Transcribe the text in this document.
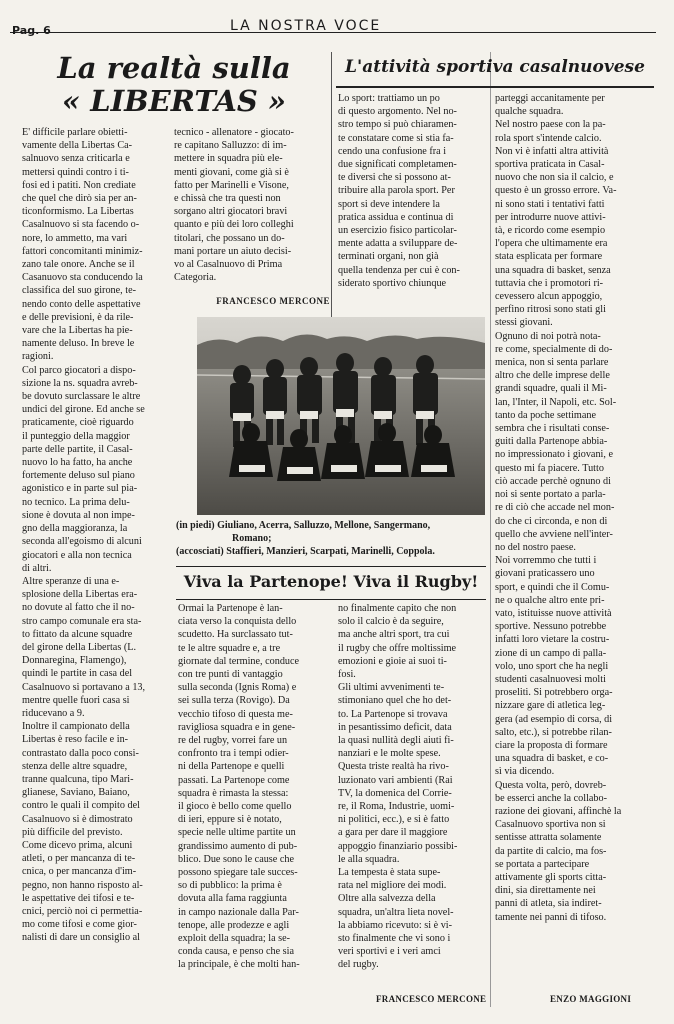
Pag. 6	LA NOSTRA VOCE
La realtà sulla
« LIBERTAS »
L'attività sportiva casalnuovese
E' difficile parlare obietti-
vamente della Libertas Ca-
salnuovo senza criticarla e
mettersi quindi contro i ti-
fosi ed i patiti. Non crediate
che quel che dirò sia per an-
ticonformismo. La Libertas
Casalnuovo si sta facendo o-
nore, lo ammetto, ma vari
fattori concomitanti minimiz-
zano tale onore. Anche se il
Casanuovo sta conducendo la
classifica del suo girone, te-
nendo conto delle aspettative
e delle previsioni, è da rile-
vare che la Libertas ha pie-
namente deluso. In breve le
ragioni.
Col parco giocatori a dispo-
sizione la ns. squadra avreb-
be dovuto surclassare le altre
undici del girone. Ed anche se
praticamente, cioè riguardo
il punteggio della maggior
parte delle partite, il Casal-
nuovo lo ha fatto, ha anche
fortemente deluso sul piano
agonistico e in parte sul pia-
no tecnico. La prima delu-
sione è dovuta al non impe-
gno della maggioranza, la
seconda all'egoismo di alcuni
giocatori e alla non tecnica
di altri.
Altre speranze di una e-
splosione della Libertas era-
no dovute al fatto che il no-
stro campo comunale era sta-
to fittato da alcune squadre
del girone della Libertas (L.
Donnaregina, Flamengo),
quindi le partite in casa del
Casalnuovo si portavano a 13,
mentre quelle fuori casa si
riducevano a 9.
Inoltre il campionato della
Libertas è reso facile e in-
contrastato dalla poco consi-
stenza delle altre squadre,
tranne qualcuna, tipo Mari-
glianese, Saviano, Baiano,
contro le quali il compito del
Casalnuovo si è dimostrato
più difficile del previsto.
Come dicevo prima, alcuni
atleti, o per mancanza di te-
cnica, o per mancanza d'im-
pegno, non hanno risposto al-
le aspettative dei tifosi e te-
cnici, perciò noi ci permettia-
mo come tifosi e come gior-
nalisti di dare un consiglio al
tecnico - allenatore - giocato-
re capitano Salluzzo: di im-
mettere in squadra più ele-
menti giovani, come già si è
fatto per Marinelli e Visone,
e chissà che tra questi non
sorgano altri giocatori bravi
quanto e più dei loro colleghi
titolari, che possano un do-
mani portare un aiuto decisi-
vo al Casalnuovo di Prima
Categoria.
FRANCESCO MERCONE
Lo sport: trattiamo un po
di questo argomento. Nel no-
stro tempo si può chiaramen-
te constatare come si stia fa-
cendo una confusione fra i
due significati completamen-
te diversi che si possono at-
tribuire alla parola sport. Per
sport si deve intendere la
pratica assidua e continua di
un esercizio fisico particolar-
mente adatta a sviluppare de-
terminati organi, non già
quella tendenza per cui è con-
siderato sportivo chiunque
parteggi accanitamente per
qualche squadra.
Nel nostro paese con la pa-
rola sport s'intende calcio.
Non vi è infatti altra attività
sportiva praticata in Casal-
nuovo che non sia il calcio, e
questo è un grosso errore. Va-
ni sono stati i tentativi fatti
per introdurre nuove attivi-
tà, e ricordo come esempio
l'opera che ultimamente era
stata esplicata per formare
una squadra di basket, senza
tuttavia che i promotori ri-
cevessero alcun appoggio,
perfino ritrosi sono stati gli
stessi giovani.
Ognuno di noi potrà nota-
re come, specialmente di do-
menica, non si senta parlare
altro che delle imprese delle
grandi squadre, quali il Mi-
lan, l'Inter, il Napoli, etc. Sol-
tanto da poche settimane
sembra che i risultati conse-
guiti dalla Partenope abbia-
no impressionato i giovani, e
questo mi fa piacere. Tutto
ciò accade perchè ognuno di
noi si sente portato a parla-
re di ciò che accade nel mon-
do che ci circonda, e non di
quello che avviene nell'inter-
no del nostro paese.
Noi vorremmo che tutti i
giovani praticassero uno
sport, e quindi che il Comu-
ne o qualche altro ente pri-
vato, istituisse nuove attività
sportive. Nessuno potrebbe
infatti loro vietare la costru-
zione di un campo di palla-
volo, uno sport che ha negli
studenti casalnuovesi molti
proseliti. Si potrebbero orga-
nizzare gare di atletica leg-
gera (ad esempio di corsa, di
salto, etc.), si potrebbe rilan-
ciare la proposta di formare
una squadra di basket, e co-
sì via dicendo.
Questa volta, però, dovreb-
be esserci anche la collabo-
razione dei giovani, affinchè la
Casalnuovo sportiva non si
sentisse attratta solamente
da partite di calcio, ma fos-
se portata a partecipare
attivamente gli sports citta-
dini, sia direttamente nei
panni di atleta, sia indiret-
tamente nei panni di tifoso.
(in piedi) Giuliano, Acerra, Salluzzo, Mellone, Sangermano,
Romano;
(accosciati) Staffieri, Manzieri, Scarpati, Marinelli, Coppola.
Viva la Partenope! Viva il Rugby!
Ormai la Partenope è lan-
ciata verso la conquista dello
scudetto. Ha surclassato tut-
te le altre squadre e, a tre
giornate dal termine, conduce
con tre punti di vantaggio
sulla seconda (Ignis Roma) e
sei sulla terza (Rovigo). Da
vecchio tifoso di questa me-
ravigliosa squadra e in gene-
re del rugby, vorrei fare un
confronto tra i tempi odier-
ni della Partenope e quelli
passati. La Partenope come
squadra è rimasta la stessa:
il gioco è bello come quello
di ieri, eppure si è notato,
specie nelle ultime partite un
grandissimo aumento di pub-
blico. Due sono le cause che
possono spiegare tale succes-
so di pubblico: la prima è
dovuta alla fama raggiunta
in campo nazionale dalla Par-
tenope, alle prodezze e agli
exploit della squadra; la se-
conda causa, e penso che sia
la principale, è che molti han-
no finalmente capito che non
solo il calcio è da seguire,
ma anche altri sport, tra cui
il rugby che offre moltissime
emozioni e gioie ai suoi ti-
fosi.
Gli ultimi avvenimenti te-
stimoniano quel che ho det-
to. La Partenope si trovava
in pesantissimo deficit, data
la quasi nullità degli aiuti fi-
nanziari e le molte spese.
Questa triste realtà ha rivo-
luzionato vari ambienti (Rai
TV, la domenica del Corrie-
re, il Roma, Industrie, uomi-
ni politici, ecc.), e si è fatto
a gara per dare il maggiore
appoggio finanziario possibi-
le alla squadra.
La tempesta è stata supe-
rata nel migliore dei modi.
Oltre alla salvezza della
squadra, un'altra lieta novel-
la abbiamo ricevuto: si è vi-
sto finalmente che vi sono i
veri sportivi e i veri amci
del rugby.
FRANCESCO MERCONE	ENZO MAGGIONI
